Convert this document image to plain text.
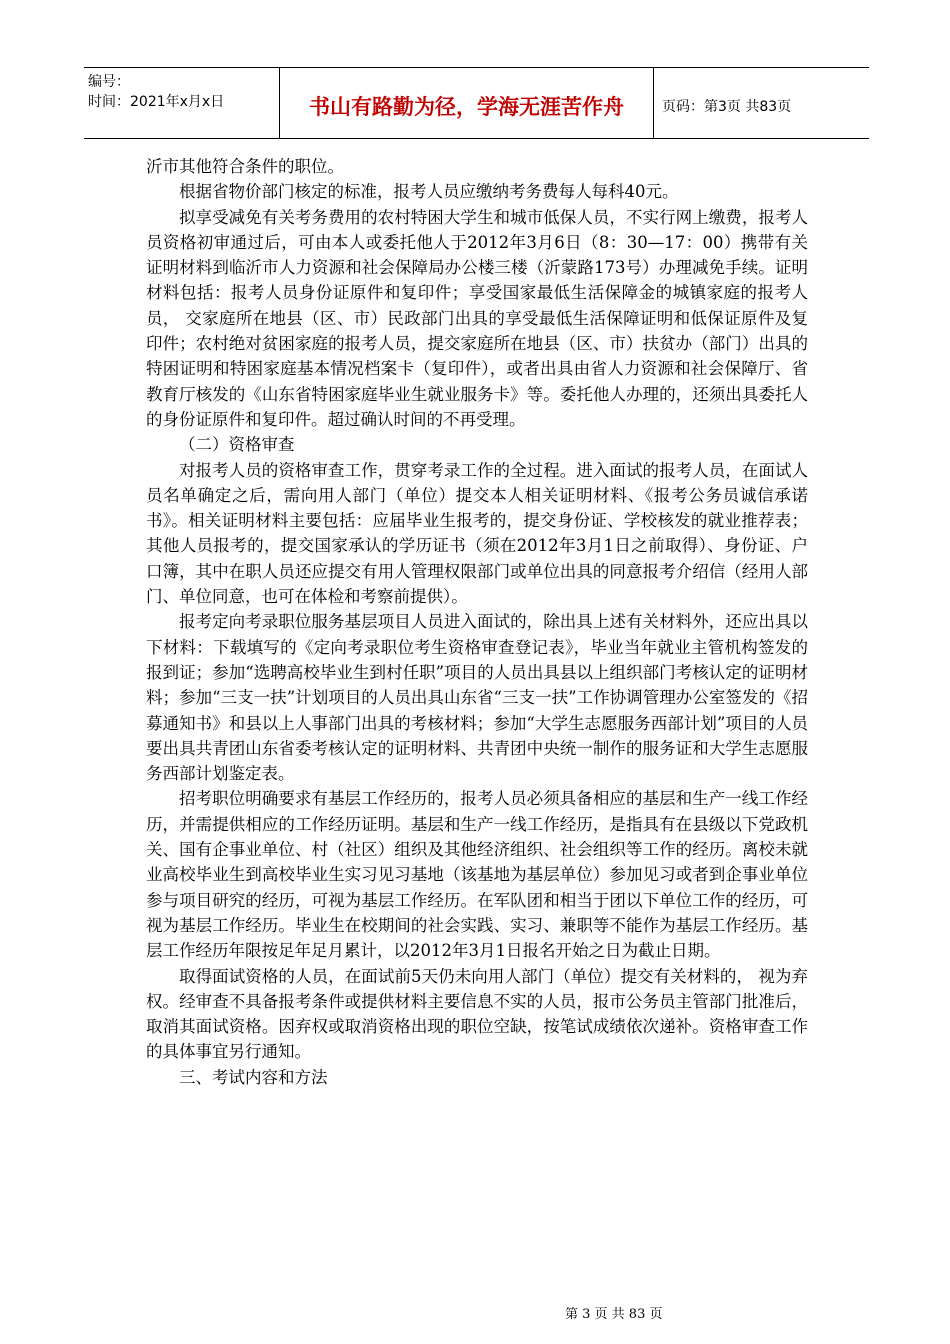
编号：
时间：2021年x月x日	书山有路勤为径，学海无涯苦作舟	页码：第3页 共83页

沂市其他符合条件的职位。

根据省物价部门核定的标准，报考人员应缴纳考务费每人每科40元。

拟享受减免有关考务费用的农村特困大学生和城市低保人员，不实行网上缴费，报考人员资格初审通过后，可由本人或委托他人于2012年3月6日（8：30—17：00）携带有关证明材料到临沂市人力资源和社会保障局办公楼三楼（沂蒙路173号）办理减免手续。证明材料包括：报考人员身份证原件和复印件；享受国家最低生活保障金的城镇家庭的报考人员， 交家庭所在地县（区、市）民政部门出具的享受最低生活保障证明和低保证原件及复印件；农村绝对贫困家庭的报考人员，提交家庭所在地县（区、市）扶贫办（部门）出具的特困证明和特困家庭基本情况档案卡（复印件），或者出具由省人力资源和社会保障厅、省教育厅核发的《山东省特困家庭毕业生就业服务卡》等。委托他人办理的，还须出具委托人的身份证原件和复印件。超过确认时间的不再受理。

（二）资格审查

对报考人员的资格审查工作，贯穿考录工作的全过程。进入面试的报考人员，在面试人员名单确定之后，需向用人部门（单位）提交本人相关证明材料、《报考公务员诚信承诺书》。相关证明材料主要包括：应届毕业生报考的，提交身份证、学校核发的就业推荐表；其他人员报考的，提交国家承认的学历证书（须在2012年3月1日之前取得）、身份证、户口簿，其中在职人员还应提交有用人管理权限部门或单位出具的同意报考介绍信（经用人部门、单位同意，也可在体检和考察前提供）。

报考定向考录职位服务基层项目人员进入面试的，除出具上述有关材料外，还应出具以下材料：下载填写的《定向考录职位考生资格审查登记表》，毕业当年就业主管机构签发的报到证；参加“选聘高校毕业生到村任职”项目的人员出具县以上组织部门考核认定的证明材料；参加“三支一扶”计划项目的人员出具山东省“三支一扶”工作协调管理办公室签发的《招募通知书》和县以上人事部门出具的考核材料；参加“大学生志愿服务西部计划”项目的人员要出具共青团山东省委考核认定的证明材料、共青团中央统一制作的服务证和大学生志愿服务西部计划鉴定表。

招考职位明确要求有基层工作经历的，报考人员必须具备相应的基层和生产一线工作经历，并需提供相应的工作经历证明。基层和生产一线工作经历，是指具有在县级以下党政机关、国有企事业单位、村（社区）组织及其他经济组织、社会组织等工作的经历。离校未就业高校毕业生到高校毕业生实习见习基地（该基地为基层单位）参加见习或者到企事业单位参与项目研究的经历，可视为基层工作经历。在军队团和相当于团以下单位工作的经历，可视为基层工作经历。毕业生在校期间的社会实践、实习、兼职等不能作为基层工作经历。基层工作经历年限按足年足月累计，以2012年3月1日报名开始之日为截止日期。

取得面试资格的人员，在面试前5天仍未向用人部门（单位）提交有关材料的， 视为弃权。经审查不具备报考条件或提供材料主要信息不实的人员，报市公务员主管部门批准后，取消其面试资格。因弃权或取消资格出现的职位空缺，按笔试成绩依次递补。资格审查工作的具体事宜另行通知。

三、考试内容和方法

第 3 页 共 83 页
